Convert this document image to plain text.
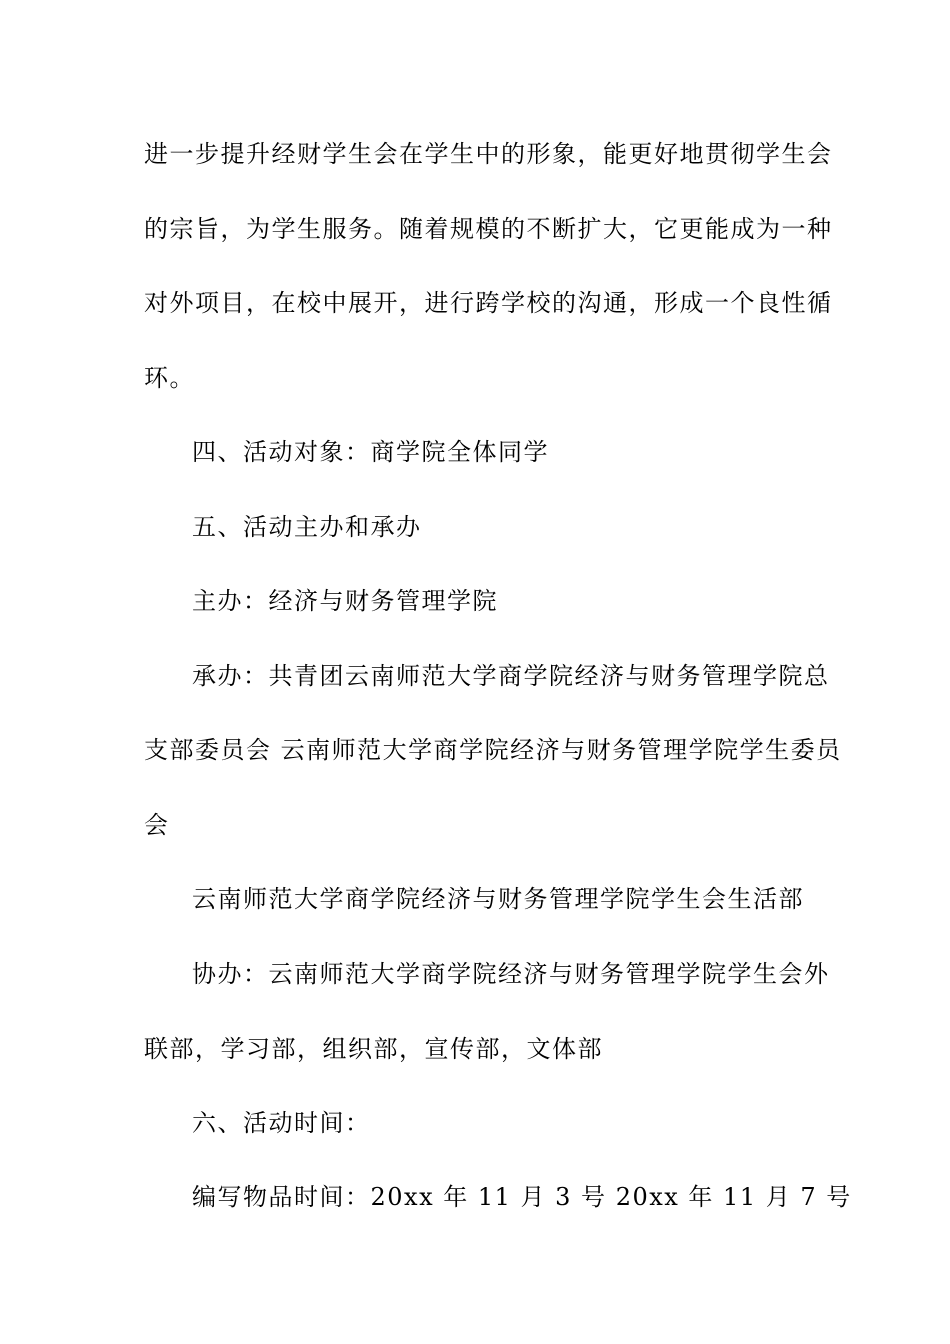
进一步提升经财学生会在学生中的形象，能更好地贯彻学生会
的宗旨，为学生服务。随着规模的不断扩大，它更能成为一种
对外项目，在校中展开，进行跨学校的沟通，形成一个良性循
环。
四、活动对象：商学院全体同学
五、活动主办和承办
主办：经济与财务管理学院
承办：共青团云南师范大学商学院经济与财务管理学院总
支部委员会 云南师范大学商学院经济与财务管理学院学生委员
会
云南师范大学商学院经济与财务管理学院学生会生活部
协办：云南师范大学商学院经济与财务管理学院学生会外
联部，学习部，组织部，宣传部，文体部
六、活动时间：
编写物品时间：20xx 年 11 月 3 号 20xx 年 11 月 7 号
